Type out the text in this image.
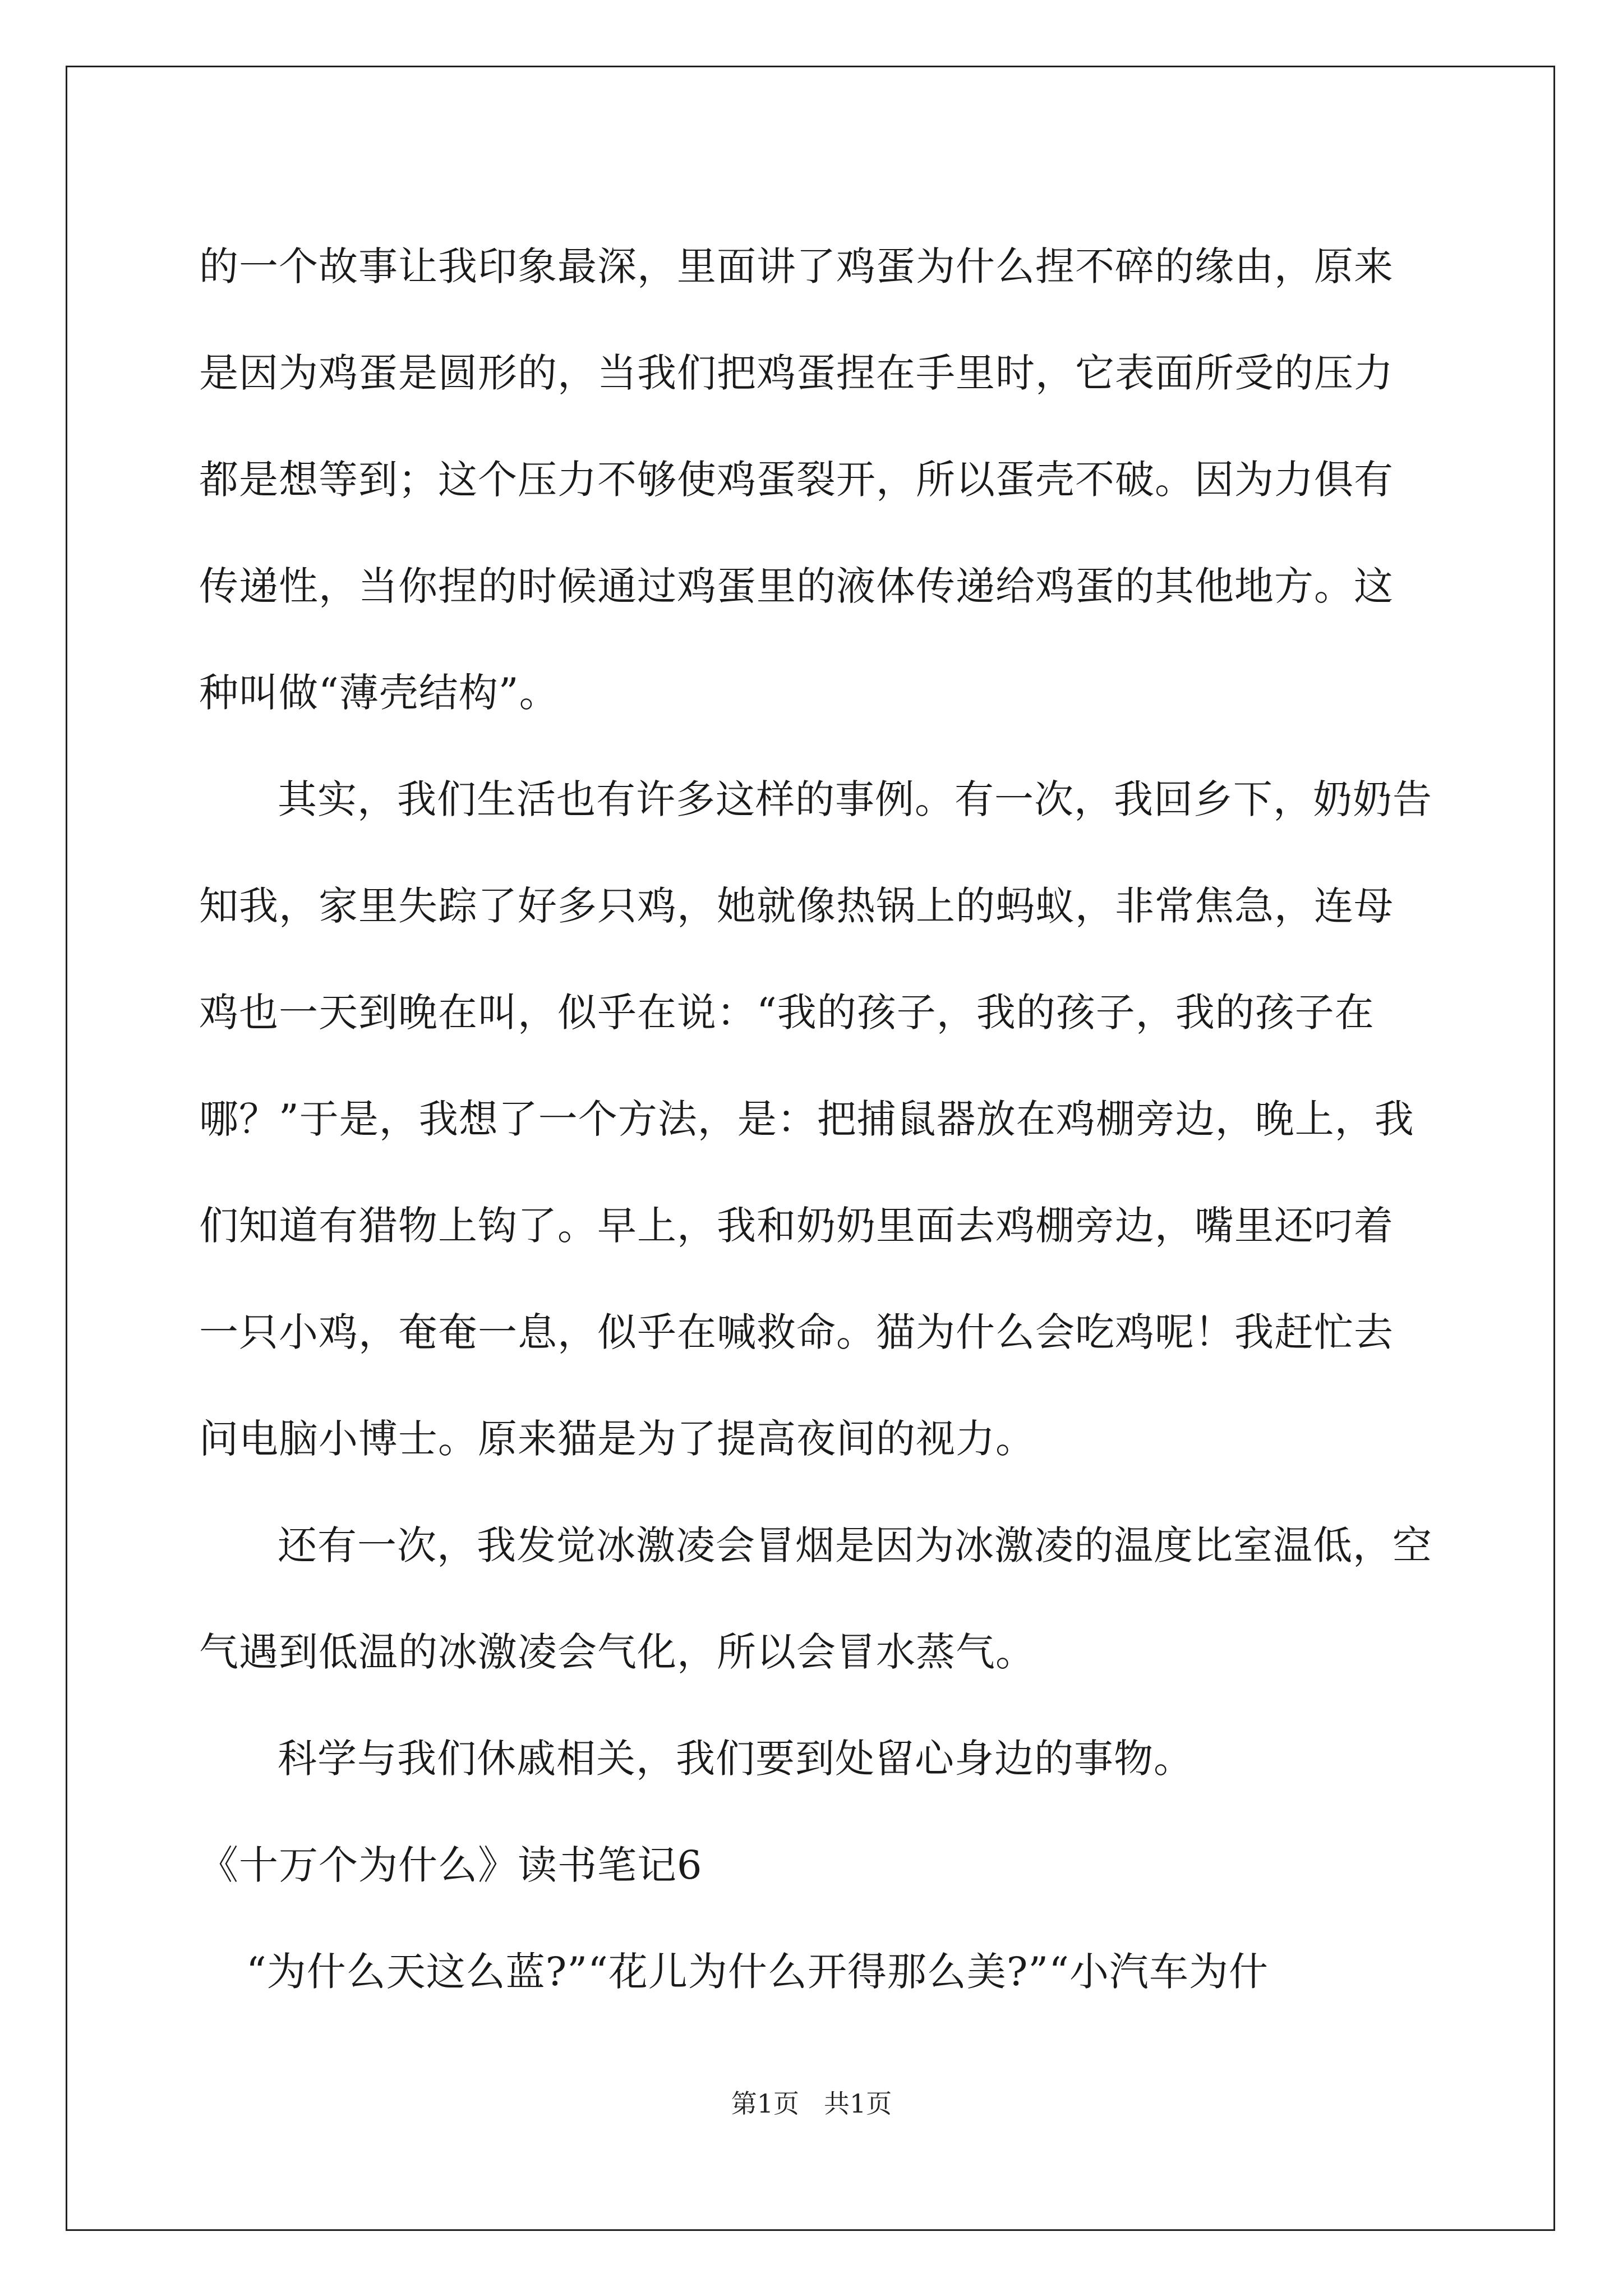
的一个故事让我印象最深，里面讲了鸡蛋为什么捏不碎的缘由，原来是因为鸡蛋是圆形的，当我们把鸡蛋捏在手里时，它表面所受的压力都是想等到；这个压力不够使鸡蛋裂开，所以蛋壳不破。因为力俱有传递性，当你捏的时候通过鸡蛋里的液体传递给鸡蛋的其他地方。这种叫做“薄壳结构”。

其实，我们生活也有许多这样的事例。有一次，我回乡下，奶奶告知我，家里失踪了好多只鸡，她就像热锅上的蚂蚁，非常焦急，连母鸡也一天到晚在叫，似乎在说：“我的孩子，我的孩子，我的孩子在哪？”于是，我想了一个方法，是：把捕鼠器放在鸡棚旁边，晚上，我们知道有猎物上钩了。早上，我和奶奶里面去鸡棚旁边，嘴里还叼着一只小鸡，奄奄一息，似乎在喊救命。猫为什么会吃鸡呢！我赶忙去问电脑小博士。原来猫是为了提高夜间的视力。

还有一次，我发觉冰激凌会冒烟是因为冰激凌的温度比室温低，空气遇到低温的冰激凌会气化，所以会冒水蒸气。

科学与我们休戚相关，我们要到处留心身边的事物。

《十万个为什么》读书笔记6

“为什么天这么蓝?”“花儿为什么开得那么美?”“小汽车为什

第1页 共1页
